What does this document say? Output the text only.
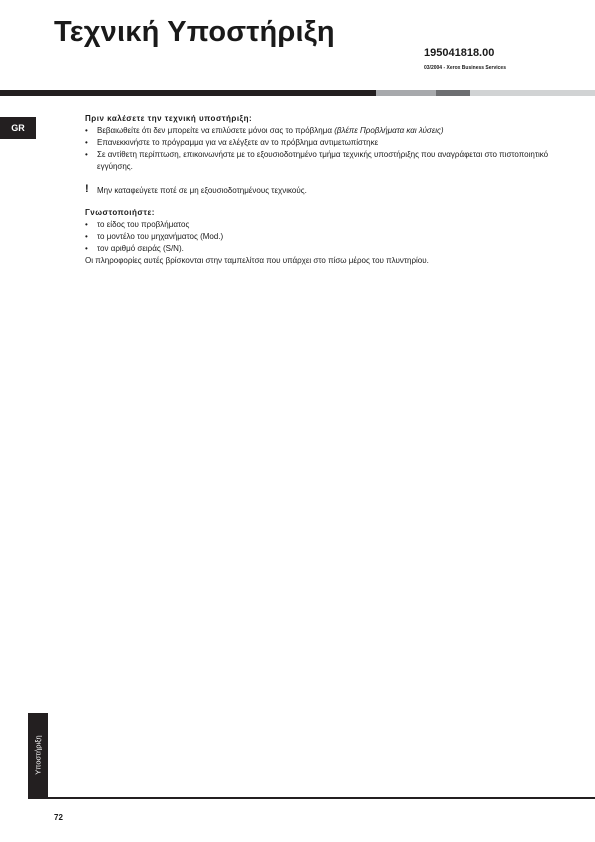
Τεχνική Υποστήριξη
195041818.00
03/2004 - Xerox Business Services
GR
Πριν καλέσετε την τεχνική υποστήριξη:
• Βεβαιωθείτε ότι δεν μπορείτε να επιλύσετε μόνοι σας το πρόβλημα (βλέπε Προβλήματα και λύσεις)
• Επανεκκινήστε το πρόγραμμα για να ελέγξετε αν το πρόβλημα αντιμετωπίστηκε
• Σε αντίθετη περίπτωση, επικοινωνήστε με το εξουσιοδοτημένο τμήμα τεχνικής υποστήριξης που αναγράφεται στο πιστοποιητικό εγγύησης.
! Μην καταφεύγετε ποτέ σε μη εξουσιοδοτημένους τεχνικούς.
Γνωστοποιήστε:
• το είδος του προβλήματος
• το μοντέλο του μηχανήματος (Mod.)
• τον αριθμό σειράς (S/N).
Οι πληροφορίες αυτές βρίσκονται στην ταμπελίτσα που υπάρχει στο πίσω μέρος του πλυντηρίου.
Υποστήριξη
72
